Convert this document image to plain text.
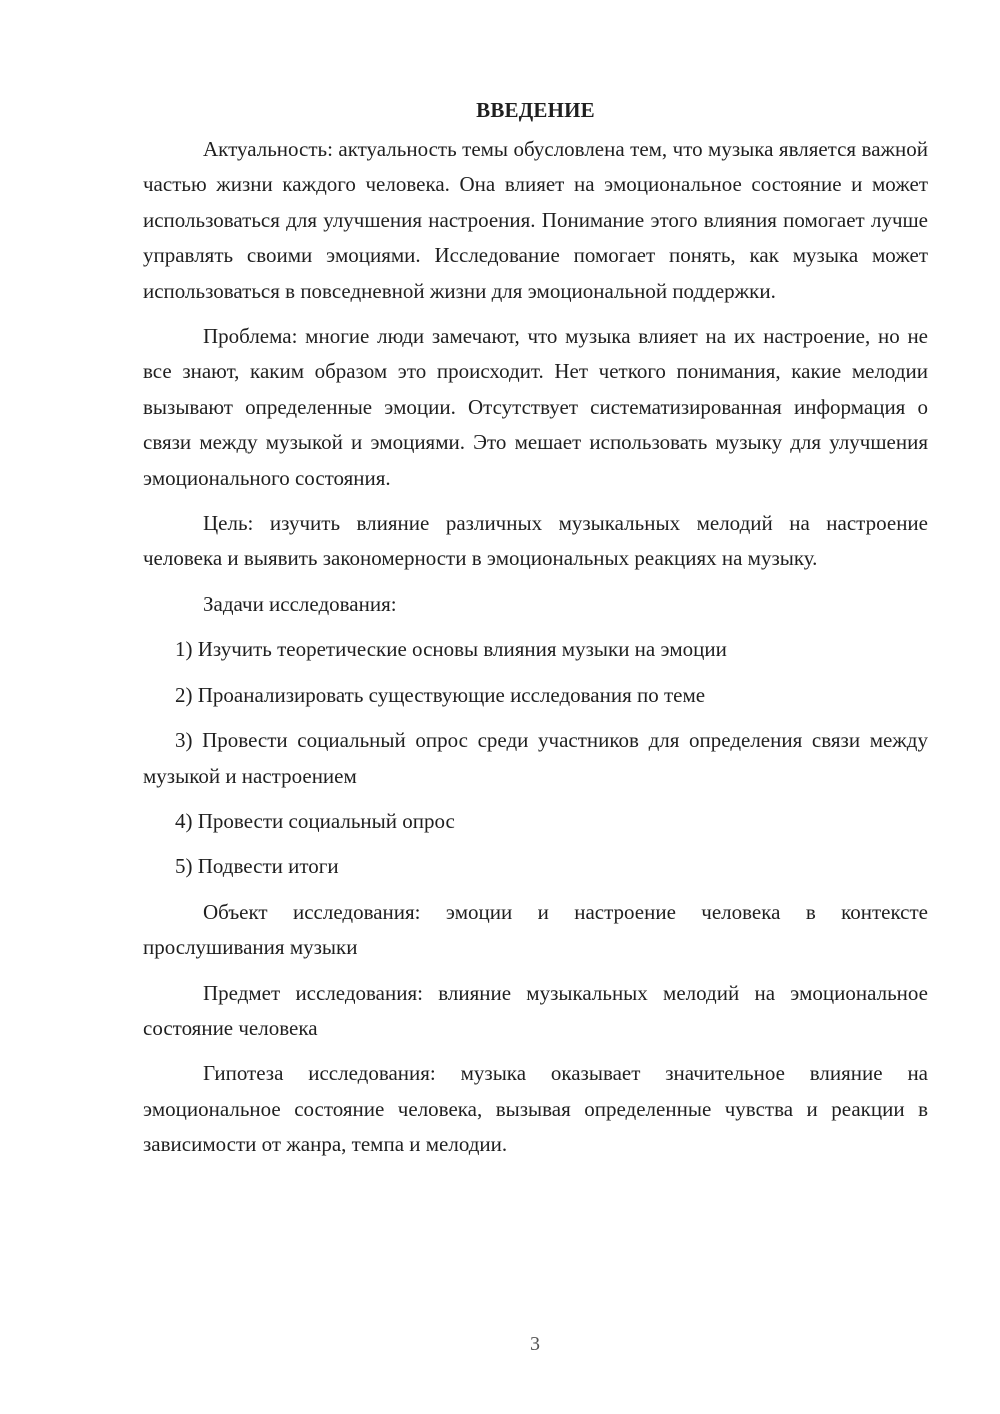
ВВЕДЕНИЕ

Актуальность: актуальность темы обусловлена тем, что музыка является важной частью жизни каждого человека. Она влияет на эмоциональное состояние и может использоваться для улучшения настроения. Понимание этого влияния помогает лучше управлять своими эмоциями. Исследование помогает понять, как музыка может использоваться в повседневной жизни для эмоциональной поддержки.

Проблема: многие люди замечают, что музыка влияет на их настроение, но не все знают, каким образом это происходит. Нет четкого понимания, какие мелодии вызывают определенные эмоции. Отсутствует систематизированная информация о связи между музыкой и эмоциями. Это мешает использовать музыку для улучшения эмоционального состояния.

Цель: изучить влияние различных музыкальных мелодий на настроение человека и выявить закономерности в эмоциональных реакциях на музыку.

Задачи исследования:

1) Изучить теоретические основы влияния музыки на эмоции

2) Проанализировать существующие исследования по теме

3) Провести социальный опрос среди участников для определения связи между музыкой и настроением

4) Провести социальный опрос

5) Подвести итоги

Объект исследования: эмоции и настроение человека в контексте прослушивания музыки

Предмет исследования: влияние музыкальных мелодий на эмоциональное состояние человека

Гипотеза исследования: музыка оказывает значительное влияние на эмоциональное состояние человека, вызывая определенные чувства и реакции в зависимости от жанра, темпа и мелодии.

3
